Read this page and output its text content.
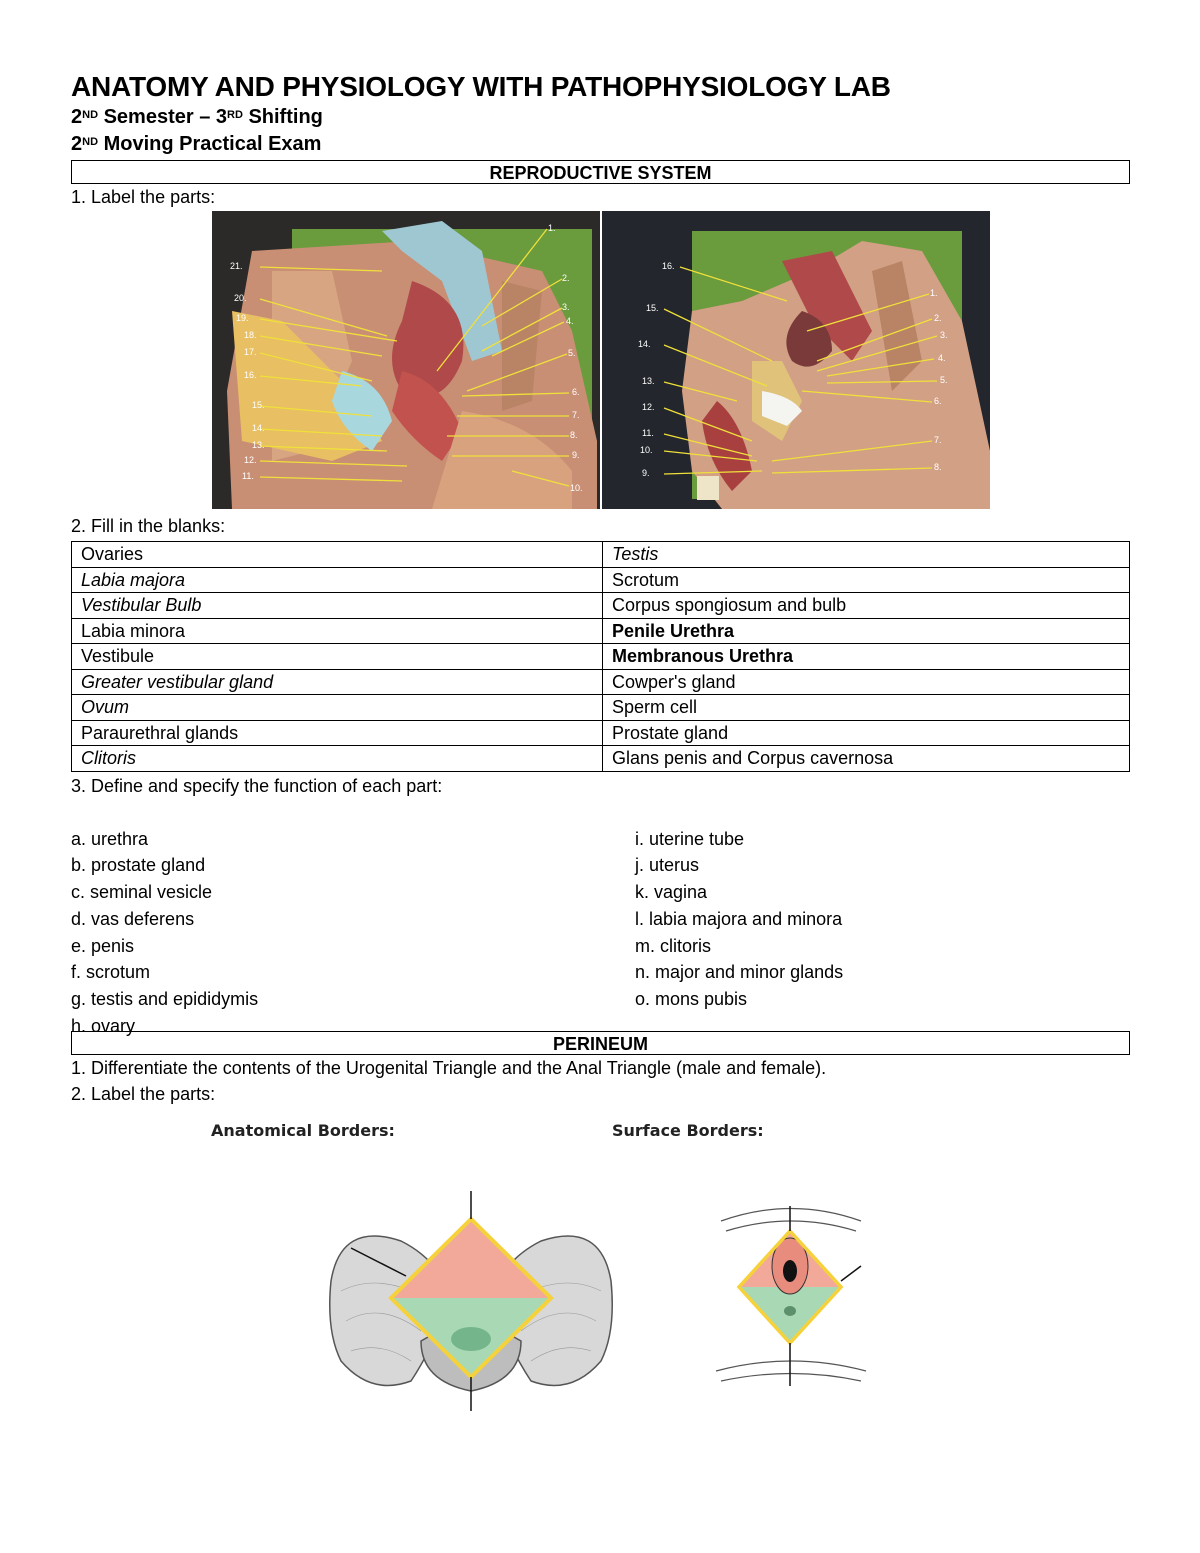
ANATOMY AND PHYSIOLOGY WITH PATHOPHYSIOLOGY LAB
2ND Semester – 3RD Shifting
2ND Moving Practical Exam
REPRODUCTIVE SYSTEM
1. Label the parts:
21.
20.
19.
18.
17.
16.
15.
14.
13.
12.
11.
1.
2.
3.
4.
5.
6.
7.
8.
9.
10.
16.
15.
14.
13.
12.
11.
10.
9.
1.
2.
3.
4.
5.
6.
7.
8.
2. Fill in the blanks:
Ovaries	Testis
Labia majora	Scrotum
Vestibular Bulb	Corpus spongiosum and bulb
Labia minora	Penile Urethra
Vestibule	Membranous Urethra
Greater vestibular gland	Cowper's gland
Ovum	Sperm cell
Paraurethral glands	Prostate gland
Clitoris	Glans penis and Corpus cavernosa
3. Define and specify the function of each part:
a. urethra
b. prostate gland
c. seminal vesicle
d. vas deferens
e. penis
f. scrotum
g. testis and epididymis
h. ovary
i. uterine tube
j. uterus
k. vagina
l. labia majora and minora
m. clitoris
n. major and minor glands
o. mons pubis
PERINEUM
1. Differentiate the contents of the Urogenital Triangle and the Anal Triangle (male and female).
2. Label the parts:
Anatomical Borders:	Surface Borders:
